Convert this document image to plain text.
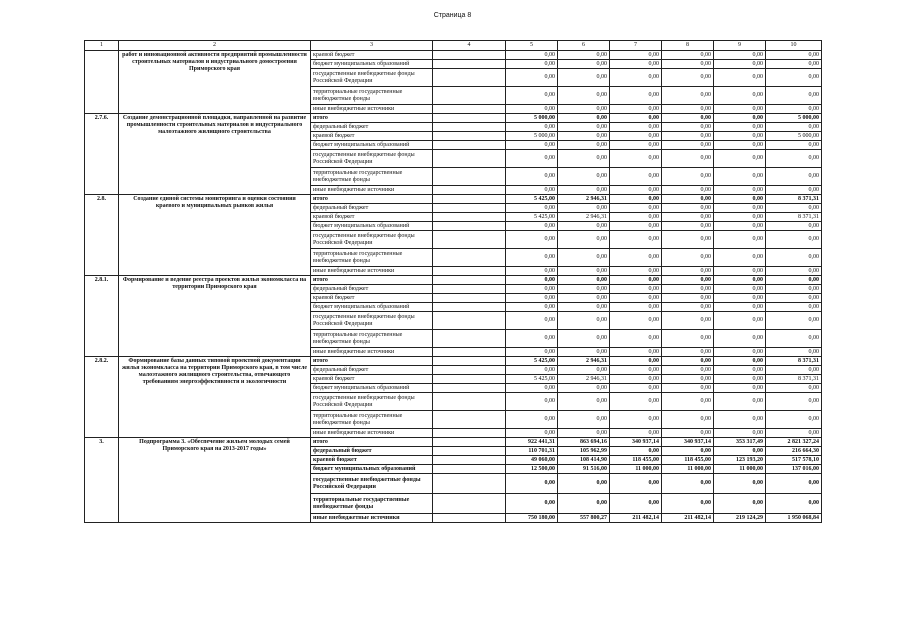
Страница 8
1	2	3	4	5	6	7	8	9	10
	работ и инновационной активности предприятий промышленности строительных материалов и индустриального домостроения Приморского края	краевой бюджет		0,00	0,00	0,00	0,00	0,00	0,00
		бюджет муниципальных образований		0,00	0,00	0,00	0,00	0,00	0,00
		государственные внебюджетные фонды Российской Федерации		0,00	0,00	0,00	0,00	0,00	0,00
		территориальные государственные внебюджетные фонды		0,00	0,00	0,00	0,00	0,00	0,00
		иные внебюджетные источники		0,00	0,00	0,00	0,00	0,00	0,00
2.7.6.	Создание демонстрационной площадки, направленной на развитие промышленности строительных материалов и индустриального малоэтажного жилищного строительства	итого		5 000,00	0,00	0,00	0,00	0,00	5 000,00
		федеральный бюджет		0,00	0,00	0,00	0,00	0,00	0,00
		краевой бюджет		5 000,00	0,00	0,00	0,00	0,00	5 000,00
		бюджет муниципальных образований		0,00	0,00	0,00	0,00	0,00	0,00
		государственные внебюджетные фонды Российской Федерации		0,00	0,00	0,00	0,00	0,00	0,00
		территориальные государственные внебюджетные фонды		0,00	0,00	0,00	0,00	0,00	0,00
		иные внебюджетные источники		0,00	0,00	0,00	0,00	0,00	0,00
2.8.	Создание единой системы мониторинга и оценки состояния краевого и муниципальных рынков жилья	итого		5 425,00	2 946,31	0,00	0,00	0,00	8 371,31
		федеральный бюджет		0,00	0,00	0,00	0,00	0,00	0,00
		краевой бюджет		5 425,00	2 946,31	0,00	0,00	0,00	8 371,31
		бюджет муниципальных образований		0,00	0,00	0,00	0,00	0,00	0,00
		государственные внебюджетные фонды Российской Федерации		0,00	0,00	0,00	0,00	0,00	0,00
		территориальные государственные внебюджетные фонды		0,00	0,00	0,00	0,00	0,00	0,00
		иные внебюджетные источники		0,00	0,00	0,00	0,00	0,00	0,00
2.8.1.	Формирование и ведение реестра проектов жилья экономкласса на территории Приморского края	итого		0,00	0,00	0,00	0,00	0,00	0,00
		федеральный бюджет		0,00	0,00	0,00	0,00	0,00	0,00
		краевой бюджет		0,00	0,00	0,00	0,00	0,00	0,00
		бюджет муниципальных образований		0,00	0,00	0,00	0,00	0,00	0,00
		государственные внебюджетные фонды Российской Федерации		0,00	0,00	0,00	0,00	0,00	0,00
		территориальные государственные внебюджетные фонды		0,00	0,00	0,00	0,00	0,00	0,00
		иные внебюджетные источники		0,00	0,00	0,00	0,00	0,00	0,00
2.8.2.	Формирование базы данных типовой проектной документации жилья экономкласса на территории Приморского края, в том числе малоэтажного жилищного строительства, отвечающего требованиям энергоэффективности и экологичности	итого		5 425,00	2 946,31	0,00	0,00	0,00	8 371,31
		федеральный бюджет		0,00	0,00	0,00	0,00	0,00	0,00
		краевой бюджет		5 425,00	2 946,31	0,00	0,00	0,00	8 371,31
		бюджет муниципальных образований		0,00	0,00	0,00	0,00	0,00	0,00
		государственные внебюджетные фонды Российской Федерации		0,00	0,00	0,00	0,00	0,00	0,00
		территориальные государственные внебюджетные фонды		0,00	0,00	0,00	0,00	0,00	0,00
		иные внебюджетные источники		0,00	0,00	0,00	0,00	0,00	0,00
3.	Подпрограмма 3. «Обеспечение жильем молодых семей Приморского края на 2013-2017 годы»	итого		922 441,31	863 694,16	340 937,14	340 937,14	353 317,49	2 821 327,24
		федеральный бюджет		110 701,31	105 962,99	0,00	0,00	0,00	216 664,30
		краевой бюджет		49 060,00	108 414,90	118 455,00	118 455,00	123 193,20	517 578,10
		бюджет муниципальных образований		12 500,00	91 516,00	11 000,00	11 000,00	11 000,00	137 016,00
		государственные внебюджетные фонды Российской Федерации		0,00	0,00	0,00	0,00	0,00	0,00
		территориальные государственные внебюджетные фонды		0,00	0,00	0,00	0,00	0,00	0,00
		иные внебюджетные источники		750 180,00	557 800,27	211 482,14	211 482,14	219 124,29	1 950 068,84
